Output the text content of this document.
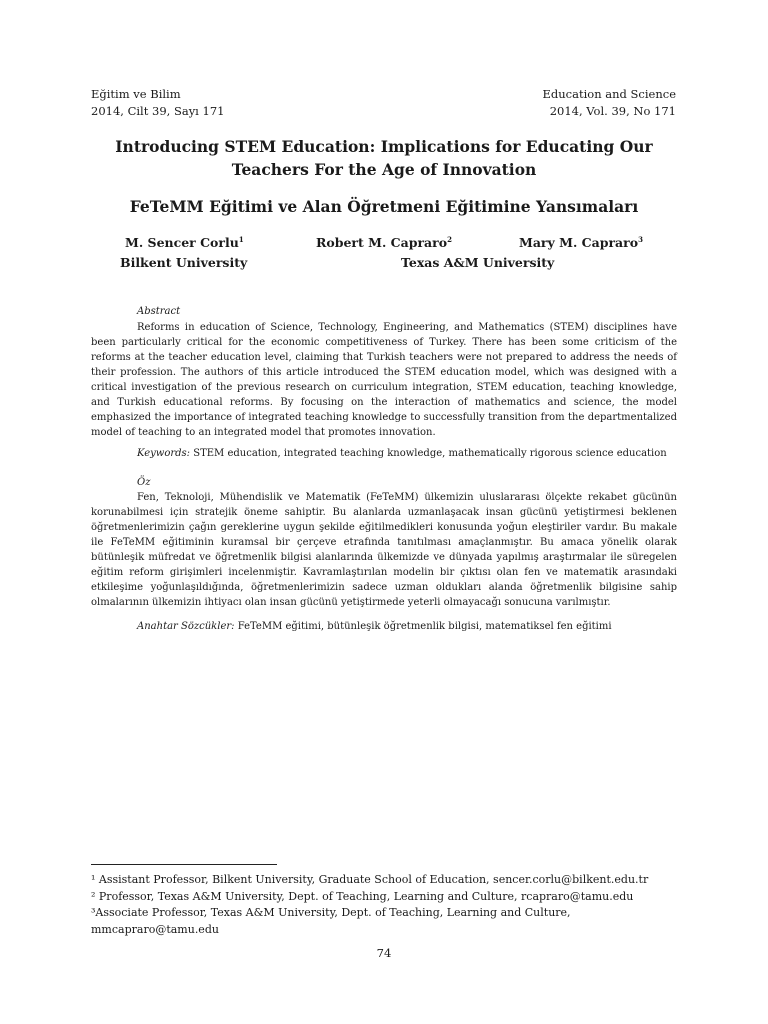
Eğitim ve Bilim
2014, Cilt 39, Sayı 171
Education and Science
2014, Vol. 39, No 171
Introducing STEM Education: Implications for Educating Our
Teachers For the Age of Innovation
FeTeMM Eğitimi ve Alan Öğretmeni Eğitimine Yansımaları
M. Sencer Corlu$^1$	Robert M. Capraro$^2$	Mary M. Capraro$^3$
Bilkent University	Texas A&M University
Abstract
Reforms in education of Science, Technology, Engineering, and Mathematics (STEM) disciplines have been particularly critical for the economic competitiveness of Turkey. There has been some criticism of the reforms at the teacher education level, claiming that Turkish teachers were not prepared to address the needs of their profession. The authors of this article introduced the STEM education model, which was designed with a critical investigation of the previous research on curriculum integration, STEM education, teaching knowledge, and Turkish educational reforms. By focusing on the interaction of mathematics and science, the model emphasized the importance of integrated teaching knowledge to successfully transition from the departmentalized model of teaching to an integrated model that promotes innovation.
Keywords: STEM education, integrated teaching knowledge, mathematically rigorous science education
Öz
Fen, Teknoloji, Mühendislik ve Matematik (FeTeMM) ülkemizin uluslararası ölçekte rekabet gücünün korunabilmesi için stratejik öneme sahiptir. Bu alanlarda uzmanlaşacak insan gücünü yetiştirmesi beklenen öğretmenlerimizin çağın gereklerine uygun şekilde eğitilmedikleri konusunda yoğun eleştiriler vardır. Bu makale ile FeTeMM eğitiminin kuramsal bir çerçeve etrafında tanıtılması amaçlanmıştır. Bu amaca yönelik olarak bütünleşik müfredat ve öğretmenlik bilgisi alanlarında ülkemizde ve dünyada yapılmış araştırmalar ile süregelen eğitim reform girişimleri incelenmiştir. Kavramlaştırılan modelin bir çıktısı olan fen ve matematik arasındaki etkileşime yoğunlaşıldığında, öğretmenlerimizin sadece uzman oldukları alanda öğretmenlik bilgisine sahip olmalarının ülkemizin ihtiyacı olan insan gücünü yetiştirmede yeterli olmayacağı sonucuna varılmıştır.
Anahtar Sözcükler: FeTeMM eğitimi, bütünleşik öğretmenlik bilgisi, matematiksel fen eğitimi
¹ Assistant Professor, Bilkent University, Graduate School of Education, sencer.corlu@bilkent.edu.tr
² Professor, Texas A&M University, Dept. of Teaching, Learning and Culture, rcapraro@tamu.edu
³Associate Professor, Texas A&M University, Dept. of Teaching, Learning and Culture,
mmcapraro@tamu.edu
74
